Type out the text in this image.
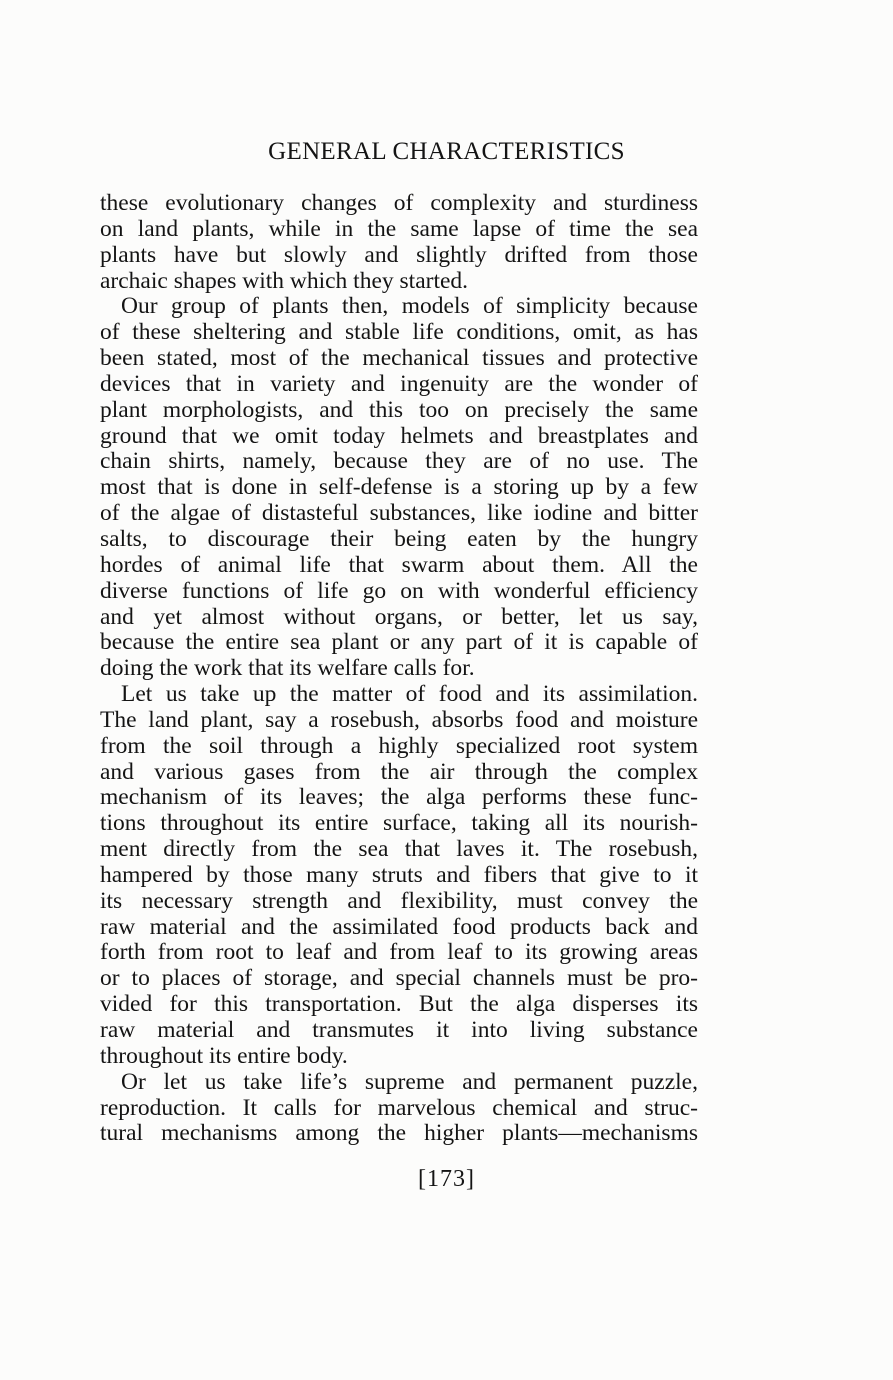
GENERAL CHARACTERISTICS
these evolutionary changes of complexity and sturdiness
on land plants, while in the same lapse of time the sea
plants have but slowly and slightly drifted from those
archaic shapes with which they started.
Our group of plants then, models of simplicity because
of these sheltering and stable life conditions, omit, as has
been stated, most of the mechanical tissues and protective
devices that in variety and ingenuity are the wonder of
plant morphologists, and this too on precisely the same
ground that we omit today helmets and breastplates and
chain shirts, namely, because they are of no use. The
most that is done in self-defense is a storing up by a few
of the algae of distasteful substances, like iodine and bitter
salts, to discourage their being eaten by the hungry
hordes of animal life that swarm about them. All the
diverse functions of life go on with wonderful efficiency
and yet almost without organs, or better, let us say,
because the entire sea plant or any part of it is capable of
doing the work that its welfare calls for.
Let us take up the matter of food and its assimilation.
The land plant, say a rosebush, absorbs food and moisture
from the soil through a highly specialized root system
and various gases from the air through the complex
mechanism of its leaves; the alga performs these func-
tions throughout its entire surface, taking all its nourish-
ment directly from the sea that laves it. The rosebush,
hampered by those many struts and fibers that give to it
its necessary strength and flexibility, must convey the
raw material and the assimilated food products back and
forth from root to leaf and from leaf to its growing areas
or to places of storage, and special channels must be pro-
vided for this transportation. But the alga disperses its
raw material and transmutes it into living substance
throughout its entire body.
Or let us take life’s supreme and permanent puzzle,
reproduction. It calls for marvelous chemical and struc-
tural mechanisms among the higher plants—mechanisms
[173]
